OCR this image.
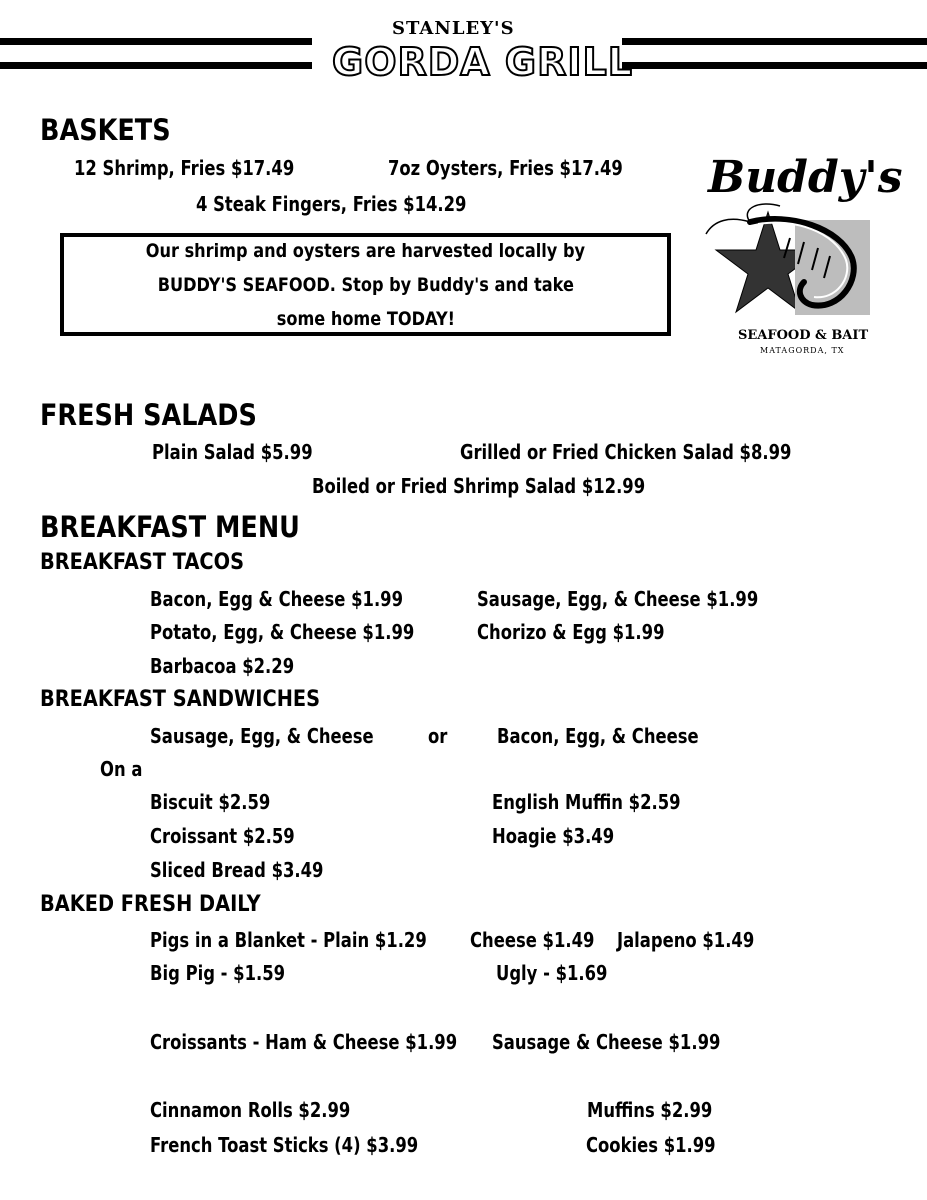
STANLEY'S
GORDA GRILL
BASKETS
12 Shrimp, Fries $17.49	7oz Oysters, Fries $17.49
4 Steak Fingers, Fries $14.29
Our shrimp and oysters are harvested locally by
BUDDY'S SEAFOOD. Stop by Buddy's and take
some home TODAY!
Buddy's
SEAFOOD & BAIT
MATAGORDA, TX
FRESH SALADS
Plain Salad $5.99	Grilled or Fried Chicken Salad $8.99
Boiled or Fried Shrimp Salad $12.99
BREAKFAST MENU
BREAKFAST TACOS
Bacon, Egg & Cheese $1.99	Sausage, Egg, & Cheese $1.99
Potato, Egg, & Cheese $1.99	Chorizo & Egg $1.99
Barbacoa $2.29
BREAKFAST SANDWICHES
Sausage, Egg, & Cheese	or Bacon, Egg, & Cheese
On a
Biscuit $2.59	English Muffin $2.59
Croissant $2.59	Hoagie $3.49
Sliced Bread $3.49
BAKED FRESH DAILY
Pigs in a Blanket - Plain $1.29 Cheese $1.49 Jalapeno $1.49
Big Pig - $1.59	Ugly - $1.69
Croissants - Ham & Cheese $1.99 Sausage & Cheese $1.99
Cinnamon Rolls $2.99	Muffins $2.99
French Toast Sticks (4) $3.99	Cookies $1.99
